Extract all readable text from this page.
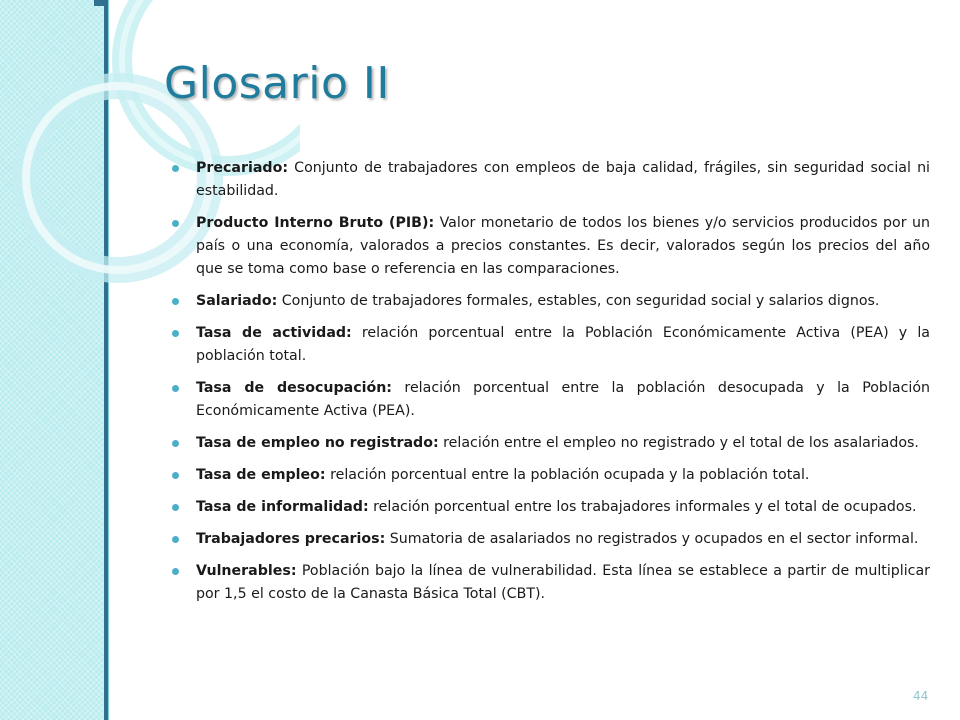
Glosario II
Precariado: Conjunto de trabajadores con empleos de baja calidad, frágiles, sin seguridad social ni estabilidad.
Producto Interno Bruto (PIB): Valor monetario de todos los bienes y/o servicios producidos por un país o una economía, valorados a precios constantes. Es decir, valorados según los precios del año que se toma como base o referencia en las comparaciones.
Salariado: Conjunto de trabajadores formales, estables, con seguridad social y salarios dignos.
Tasa de actividad: relación porcentual entre la Población Económicamente Activa (PEA) y la población total.
Tasa de desocupación: relación porcentual entre la población desocupada y la Población Económicamente Activa (PEA).
Tasa de empleo no registrado: relación entre el empleo no registrado y el total de los asalariados.
Tasa de empleo: relación porcentual entre la población ocupada y la población total.
Tasa de informalidad: relación porcentual entre los trabajadores informales y el total de ocupados.
Trabajadores precarios: Sumatoria de asalariados no registrados y ocupados en el sector informal.
Vulnerables: Población bajo la línea de vulnerabilidad. Esta línea se establece a partir de multiplicar por 1,5 el costo de la Canasta Básica Total (CBT).
44
